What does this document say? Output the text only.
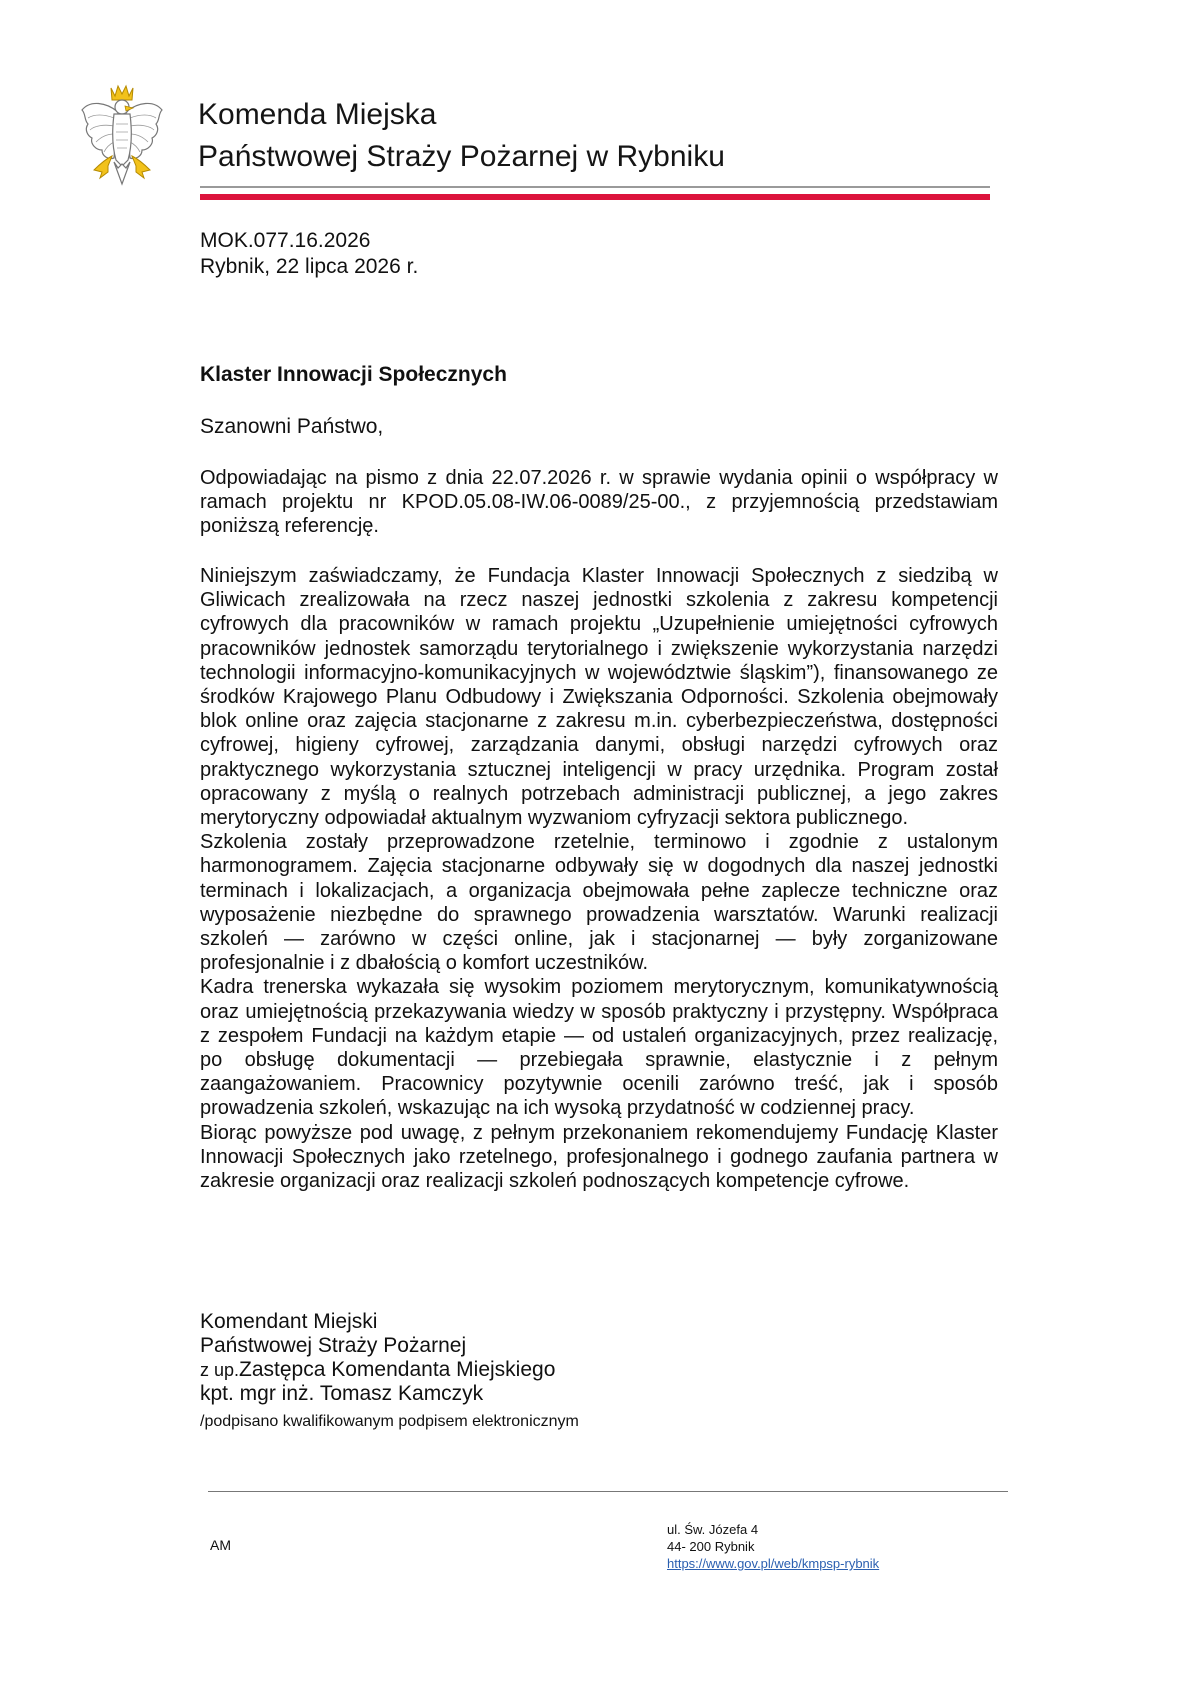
Komenda Miejska
Państwowej Straży Pożarnej w Rybniku
MOK.077.16.2026
Rybnik, 22 lipca 2026 r.
Klaster Innowacji Społecznych
Szanowni Państwo,

Odpowiadając na pismo z dnia 22.07.2026 r. w sprawie wydania opinii o współpracy w ramach projektu nr KPOD.05.08-IW.06-0089/25-00., z przyjemnością przedstawiam poniższą referencję.

Niniejszym zaświadczamy, że Fundacja Klaster Innowacji Społecznych z siedzibą w Gliwicach zrealizowała na rzecz naszej jednostki szkolenia z zakresu kompetencji cyfrowych dla pracowników w ramach projektu „Uzupełnienie umiejętności cyfrowych pracowników jednostek samorządu terytorialnego i zwiększenie wykorzystania narzędzi technologii informacyjno-komunikacyjnych w województwie śląskim”), finansowanego ze środków Krajowego Planu Odbudowy i Zwiększania Odporności. Szkolenia obejmowały blok online oraz zajęcia stacjonarne z zakresu m.in. cyberbezpieczeństwa, dostępności cyfrowej, higieny cyfrowej, zarządzania danymi, obsługi narzędzi cyfrowych oraz praktycznego wykorzystania sztucznej inteligencji w pracy urzędnika. Program został opracowany z myślą o realnych potrzebach administracji publicznej, a jego zakres merytoryczny odpowiadał aktualnym wyzwaniom cyfryzacji sektora publicznego.

Szkolenia zostały przeprowadzone rzetelnie, terminowo i zgodnie z ustalonym harmonogramem. Zajęcia stacjonarne odbywały się w dogodnych dla naszej jednostki terminach i lokalizacjach, a organizacja obejmowała pełne zaplecze techniczne oraz wyposażenie niezbędne do sprawnego prowadzenia warsztatów. Warunki realizacji szkoleń — zarówno w części online, jak i stacjonarnej — były zorganizowane profesjonalnie i z dbałością o komfort uczestników.

Kadra trenerska wykazała się wysokim poziomem merytorycznym, komunikatywnością oraz umiejętnością przekazywania wiedzy w sposób praktyczny i przystępny. Współpraca z zespołem Fundacji na każdym etapie — od ustaleń organizacyjnych, przez realizację, po obsługę dokumentacji — przebiegała sprawnie, elastycznie i z pełnym zaangażowaniem. Pracownicy pozytywnie ocenili zarówno treść, jak i sposób prowadzenia szkoleń, wskazując na ich wysoką przydatność w codziennej pracy.

Biorąc powyższe pod uwagę, z pełnym przekonaniem rekomendujemy Fundację Klaster Innowacji Społecznych jako rzetelnego, profesjonalnego i godnego zaufania partnera w zakresie organizacji oraz realizacji szkoleń podnoszących kompetencje cyfrowe.

Komendant Miejski
Państwowej Straży Pożarnej
z up.Zastępca Komendanta Miejskiego
kpt. mgr inż. Tomasz Kamczyk
/podpisano kwalifikowanym podpisem elektronicznym
AM
ul. Św. Józefa 4
44- 200 Rybnik
https://www.gov.pl/web/kmpsp-rybnik
